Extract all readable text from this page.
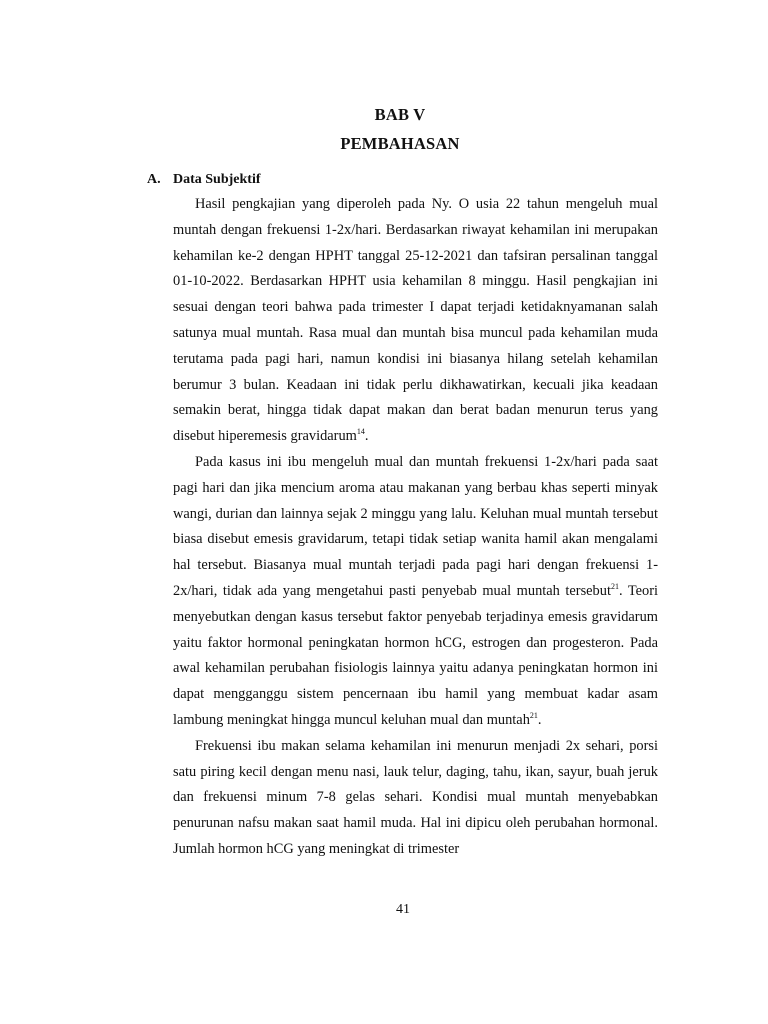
BAB V
PEMBAHASAN
A. Data Subjektif

Hasil pengkajian yang diperoleh pada Ny. O usia 22 tahun mengeluh mual muntah dengan frekuensi 1-2x/hari. Berdasarkan riwayat kehamilan ini merupakan kehamilan ke-2 dengan HPHT tanggal 25-12-2021 dan tafsiran persalinan tanggal 01-10-2022. Berdasarkan HPHT usia kehamilan 8 minggu. Hasil pengkajian ini sesuai dengan teori bahwa pada trimester I dapat terjadi ketidaknyamanan salah satunya mual muntah. Rasa mual dan muntah bisa muncul pada kehamilan muda terutama pada pagi hari, namun kondisi ini biasanya hilang setelah kehamilan berumur 3 bulan. Keadaan ini tidak perlu dikhawatirkan, kecuali jika keadaan semakin berat, hingga tidak dapat makan dan berat badan menurun terus yang disebut hiperemesis gravidarum$^{14}$.

Pada kasus ini ibu mengeluh mual dan muntah frekuensi 1-2x/hari pada saat pagi hari dan jika mencium aroma atau makanan yang berbau khas seperti minyak wangi, durian dan lainnya sejak 2 minggu yang lalu. Keluhan mual muntah tersebut biasa disebut emesis gravidarum, tetapi tidak setiap wanita hamil akan mengalami hal tersebut. Biasanya mual muntah terjadi pada pagi hari dengan frekuensi 1-2x/hari, tidak ada yang mengetahui pasti penyebab mual muntah tersebut$^{21}$. Teori menyebutkan dengan kasus tersebut faktor penyebab terjadinya emesis gravidarum yaitu faktor hormonal peningkatan hormon hCG, estrogen dan progesteron. Pada awal kehamilan perubahan fisiologis lainnya yaitu adanya peningkatan hormon ini dapat mengganggu sistem pencernaan ibu hamil yang membuat kadar asam lambung meningkat hingga muncul keluhan mual dan muntah$^{21}$.

Frekuensi ibu makan selama kehamilan ini menurun menjadi 2x sehari, porsi satu piring kecil dengan menu nasi, lauk telur, daging, tahu, ikan, sayur, buah jeruk dan frekuensi minum 7-8 gelas sehari. Kondisi mual muntah menyebabkan penurunan nafsu makan saat hamil muda. Hal ini dipicu oleh perubahan hormonal. Jumlah hormon hCG yang meningkat di trimester

41
